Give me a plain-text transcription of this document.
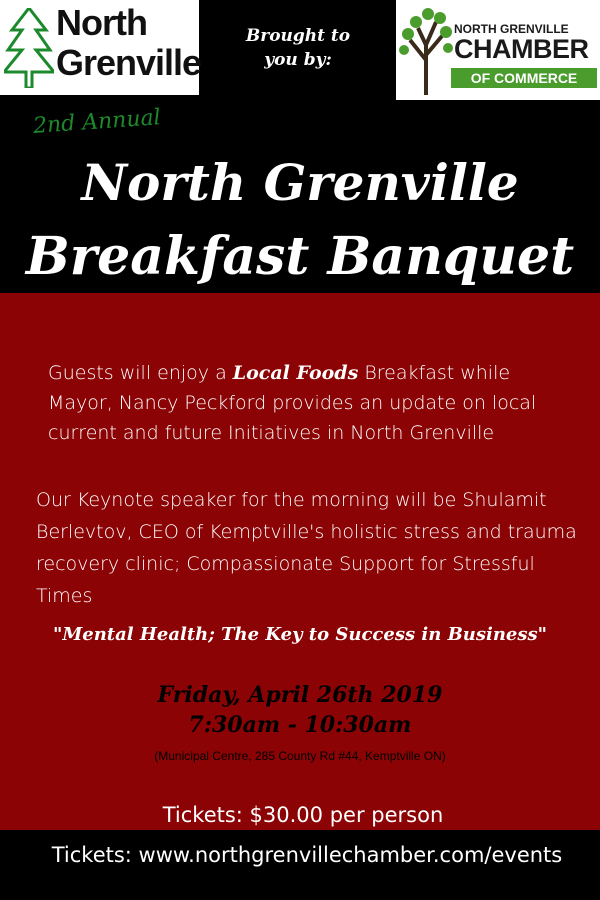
North
Grenville
Brought to
you by:
NORTH GRENVILLE
CHAMBER
OF COMMERCE
2nd Annual
North Grenville
Breakfast Banquet
Guests will enjoy a Local Foods Breakfast while Mayor, Nancy Peckford provides an update on local current and future Initiatives in North Grenville
Our Keynote speaker for the morning will be Shulamit Berlevtov, CEO of Kemptville's holistic stress and trauma recovery clinic; Compassionate Support for Stressful Times
"Mental Health; The Key to Success in Business"
Friday, April 26th 2019
7:30am - 10:30am
(Municipal Centre, 285 County Rd #44, Kemptville ON)
Tickets: $30.00 per person
Tickets: www.northgrenvillechamber.com/events
